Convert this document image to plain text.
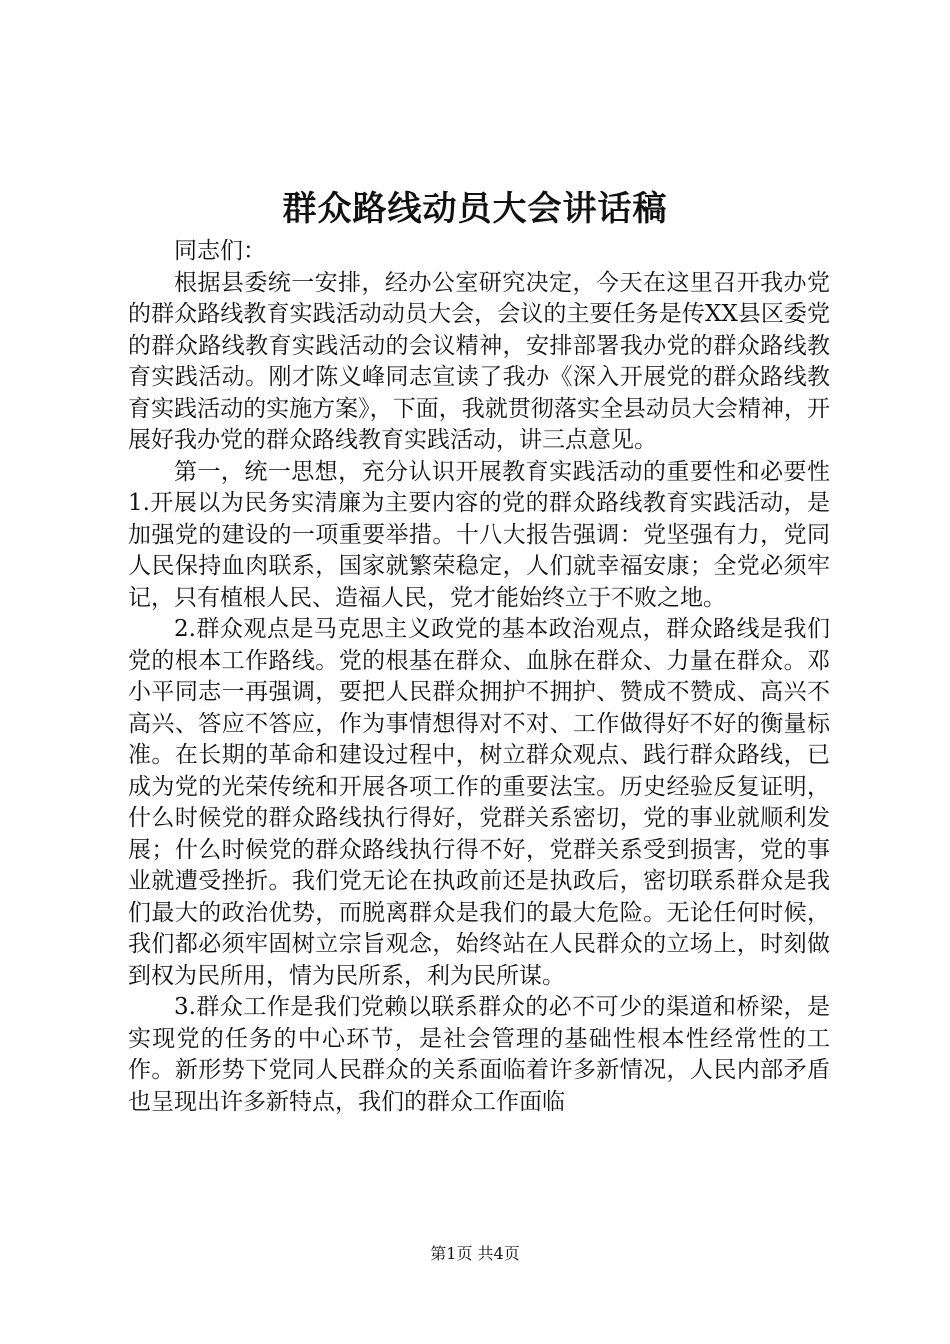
群众路线动员大会讲话稿

同志们：

根据县委统一安排，经办公室研究决定，今天在这里召开我办党的群众路线教育实践活动动员大会，会议的主要任务是传XX县区委党的群众路线教育实践活动的会议精神，安排部署我办党的群众路线教育实践活动。刚才陈义峰同志宣读了我办《深入开展党的群众路线教育实践活动的实施方案》，下面，我就贯彻落实全县动员大会精神，开展好我办党的群众路线教育实践活动，讲三点意见。

第一，统一思想，充分认识开展教育实践活动的重要性和必要性1.开展以为民务实清廉为主要内容的党的群众路线教育实践活动，是加强党的建设的一项重要举措。十八大报告强调：党坚强有力，党同人民保持血肉联系，国家就繁荣稳定，人们就幸福安康；全党必须牢记，只有植根人民、造福人民，党才能始终立于不败之地。

2.群众观点是马克思主义政党的基本政治观点，群众路线是我们党的根本工作路线。党的根基在群众、血脉在群众、力量在群众。邓小平同志一再强调，要把人民群众拥护不拥护、赞成不赞成、高兴不高兴、答应不答应，作为事情想得对不对、工作做得好不好的衡量标准。在长期的革命和建设过程中，树立群众观点、践行群众路线，已成为党的光荣传统和开展各项工作的重要法宝。历史经验反复证明，什么时候党的群众路线执行得好，党群关系密切，党的事业就顺利发展；什么时候党的群众路线执行得不好，党群关系受到损害，党的事业就遭受挫折。我们党无论在执政前还是执政后，密切联系群众是我们最大的政治优势，而脱离群众是我们的最大危险。无论任何时候，我们都必须牢固树立宗旨观念，始终站在人民群众的立场上，时刻做到权为民所用，情为民所系，利为民所谋。

3.群众工作是我们党赖以联系群众的必不可少的渠道和桥梁，是实现党的任务的中心环节，是社会管理的基础性根本性经常性的工作。新形势下党同人民群众的关系面临着许多新情况，人民内部矛盾也呈现出许多新特点，我们的群众工作面临

第1页 共4页
